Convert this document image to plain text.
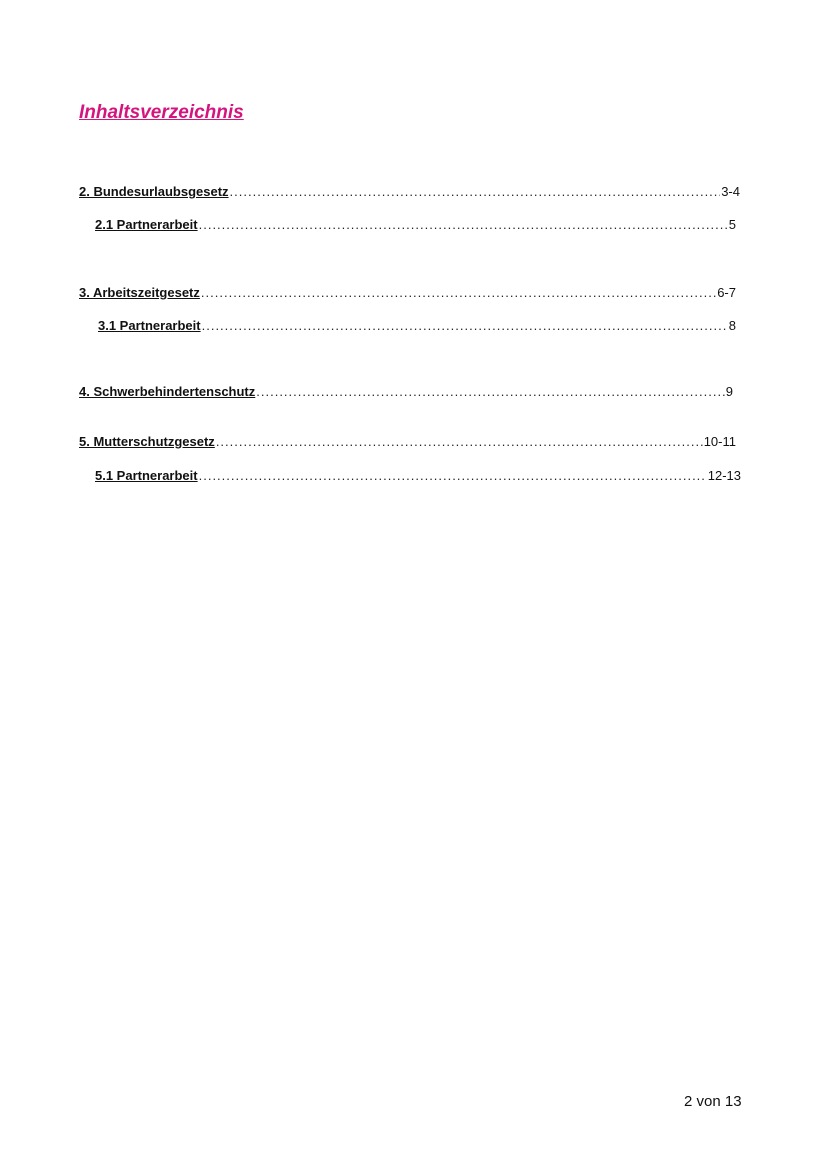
Inhaltsverzeichnis
2. Bundesurlaubsgesetz .....	3-4
2.1 Partnerarbeit .....	5
3. Arbeitszeitgesetz .....	6-7
3.1 Partnerarbeit .....	8
4. Schwerbehindertenschutz .....	9
5. Mutterschutzgesetz .....	10-11
5.1 Partnerarbeit .....	12-13
2 von 13
